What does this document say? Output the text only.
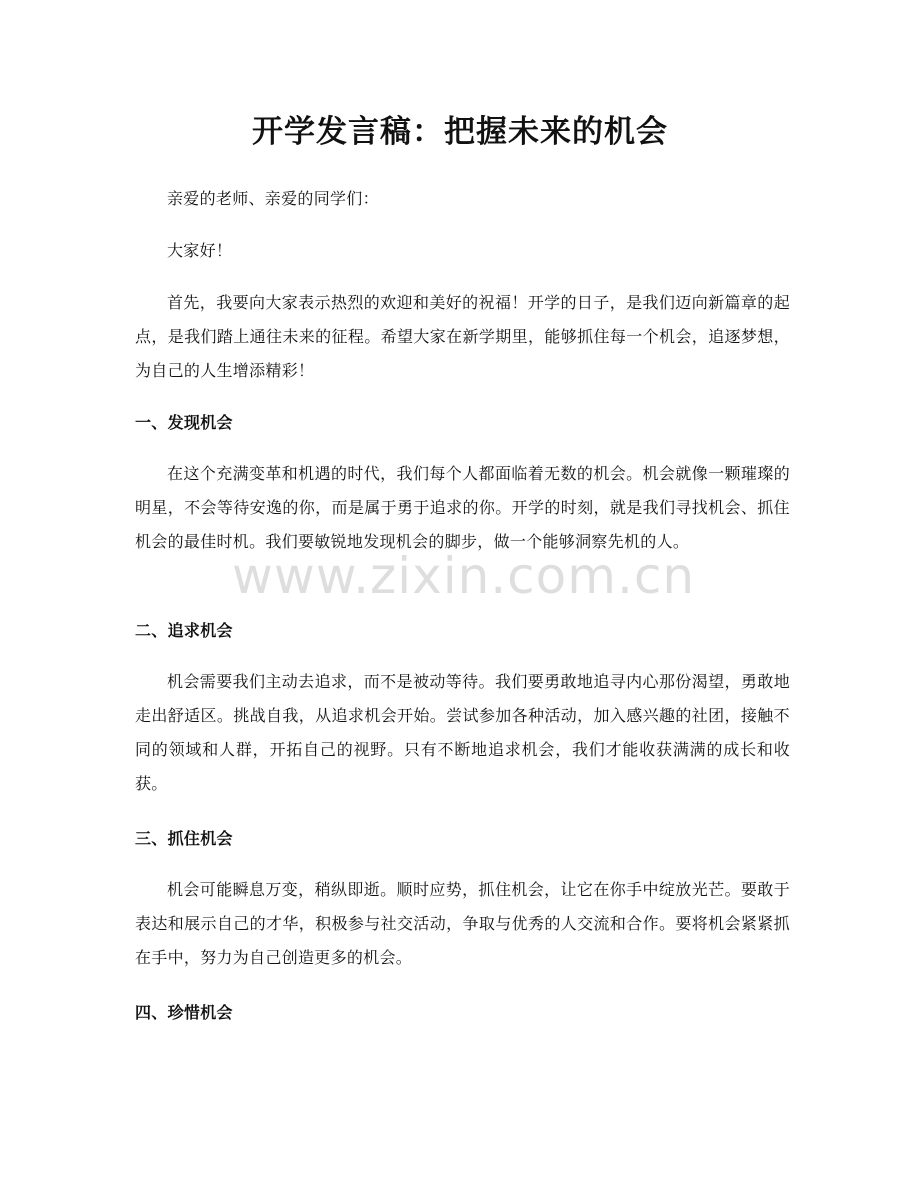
开学发言稿：把握未来的机会

亲爱的老师、亲爱的同学们：

大家好！

首先，我要向大家表示热烈的欢迎和美好的祝福！开学的日子，是我们迈向新篇章的起点，是我们踏上通往未来的征程。希望大家在新学期里，能够抓住每一个机会，追逐梦想，为自己的人生增添精彩！

一、发现机会

在这个充满变革和机遇的时代，我们每个人都面临着无数的机会。机会就像一颗璀璨的明星，不会等待安逸的你，而是属于勇于追求的你。开学的时刻，就是我们寻找机会、抓住机会的最佳时机。我们要敏锐地发现机会的脚步，做一个能够洞察先机的人。

二、追求机会

机会需要我们主动去追求，而不是被动等待。我们要勇敢地追寻内心那份渴望，勇敢地走出舒适区。挑战自我，从追求机会开始。尝试参加各种活动，加入感兴趣的社团，接触不同的领域和人群，开拓自己的视野。只有不断地追求机会，我们才能收获满满的成长和收获。

三、抓住机会

机会可能瞬息万变，稍纵即逝。顺时应势，抓住机会，让它在你手中绽放光芒。要敢于表达和展示自己的才华，积极参与社交活动，争取与优秀的人交流和合作。要将机会紧紧抓在手中，努力为自己创造更多的机会。

四、珍惜机会
www.zixin.com.cn
